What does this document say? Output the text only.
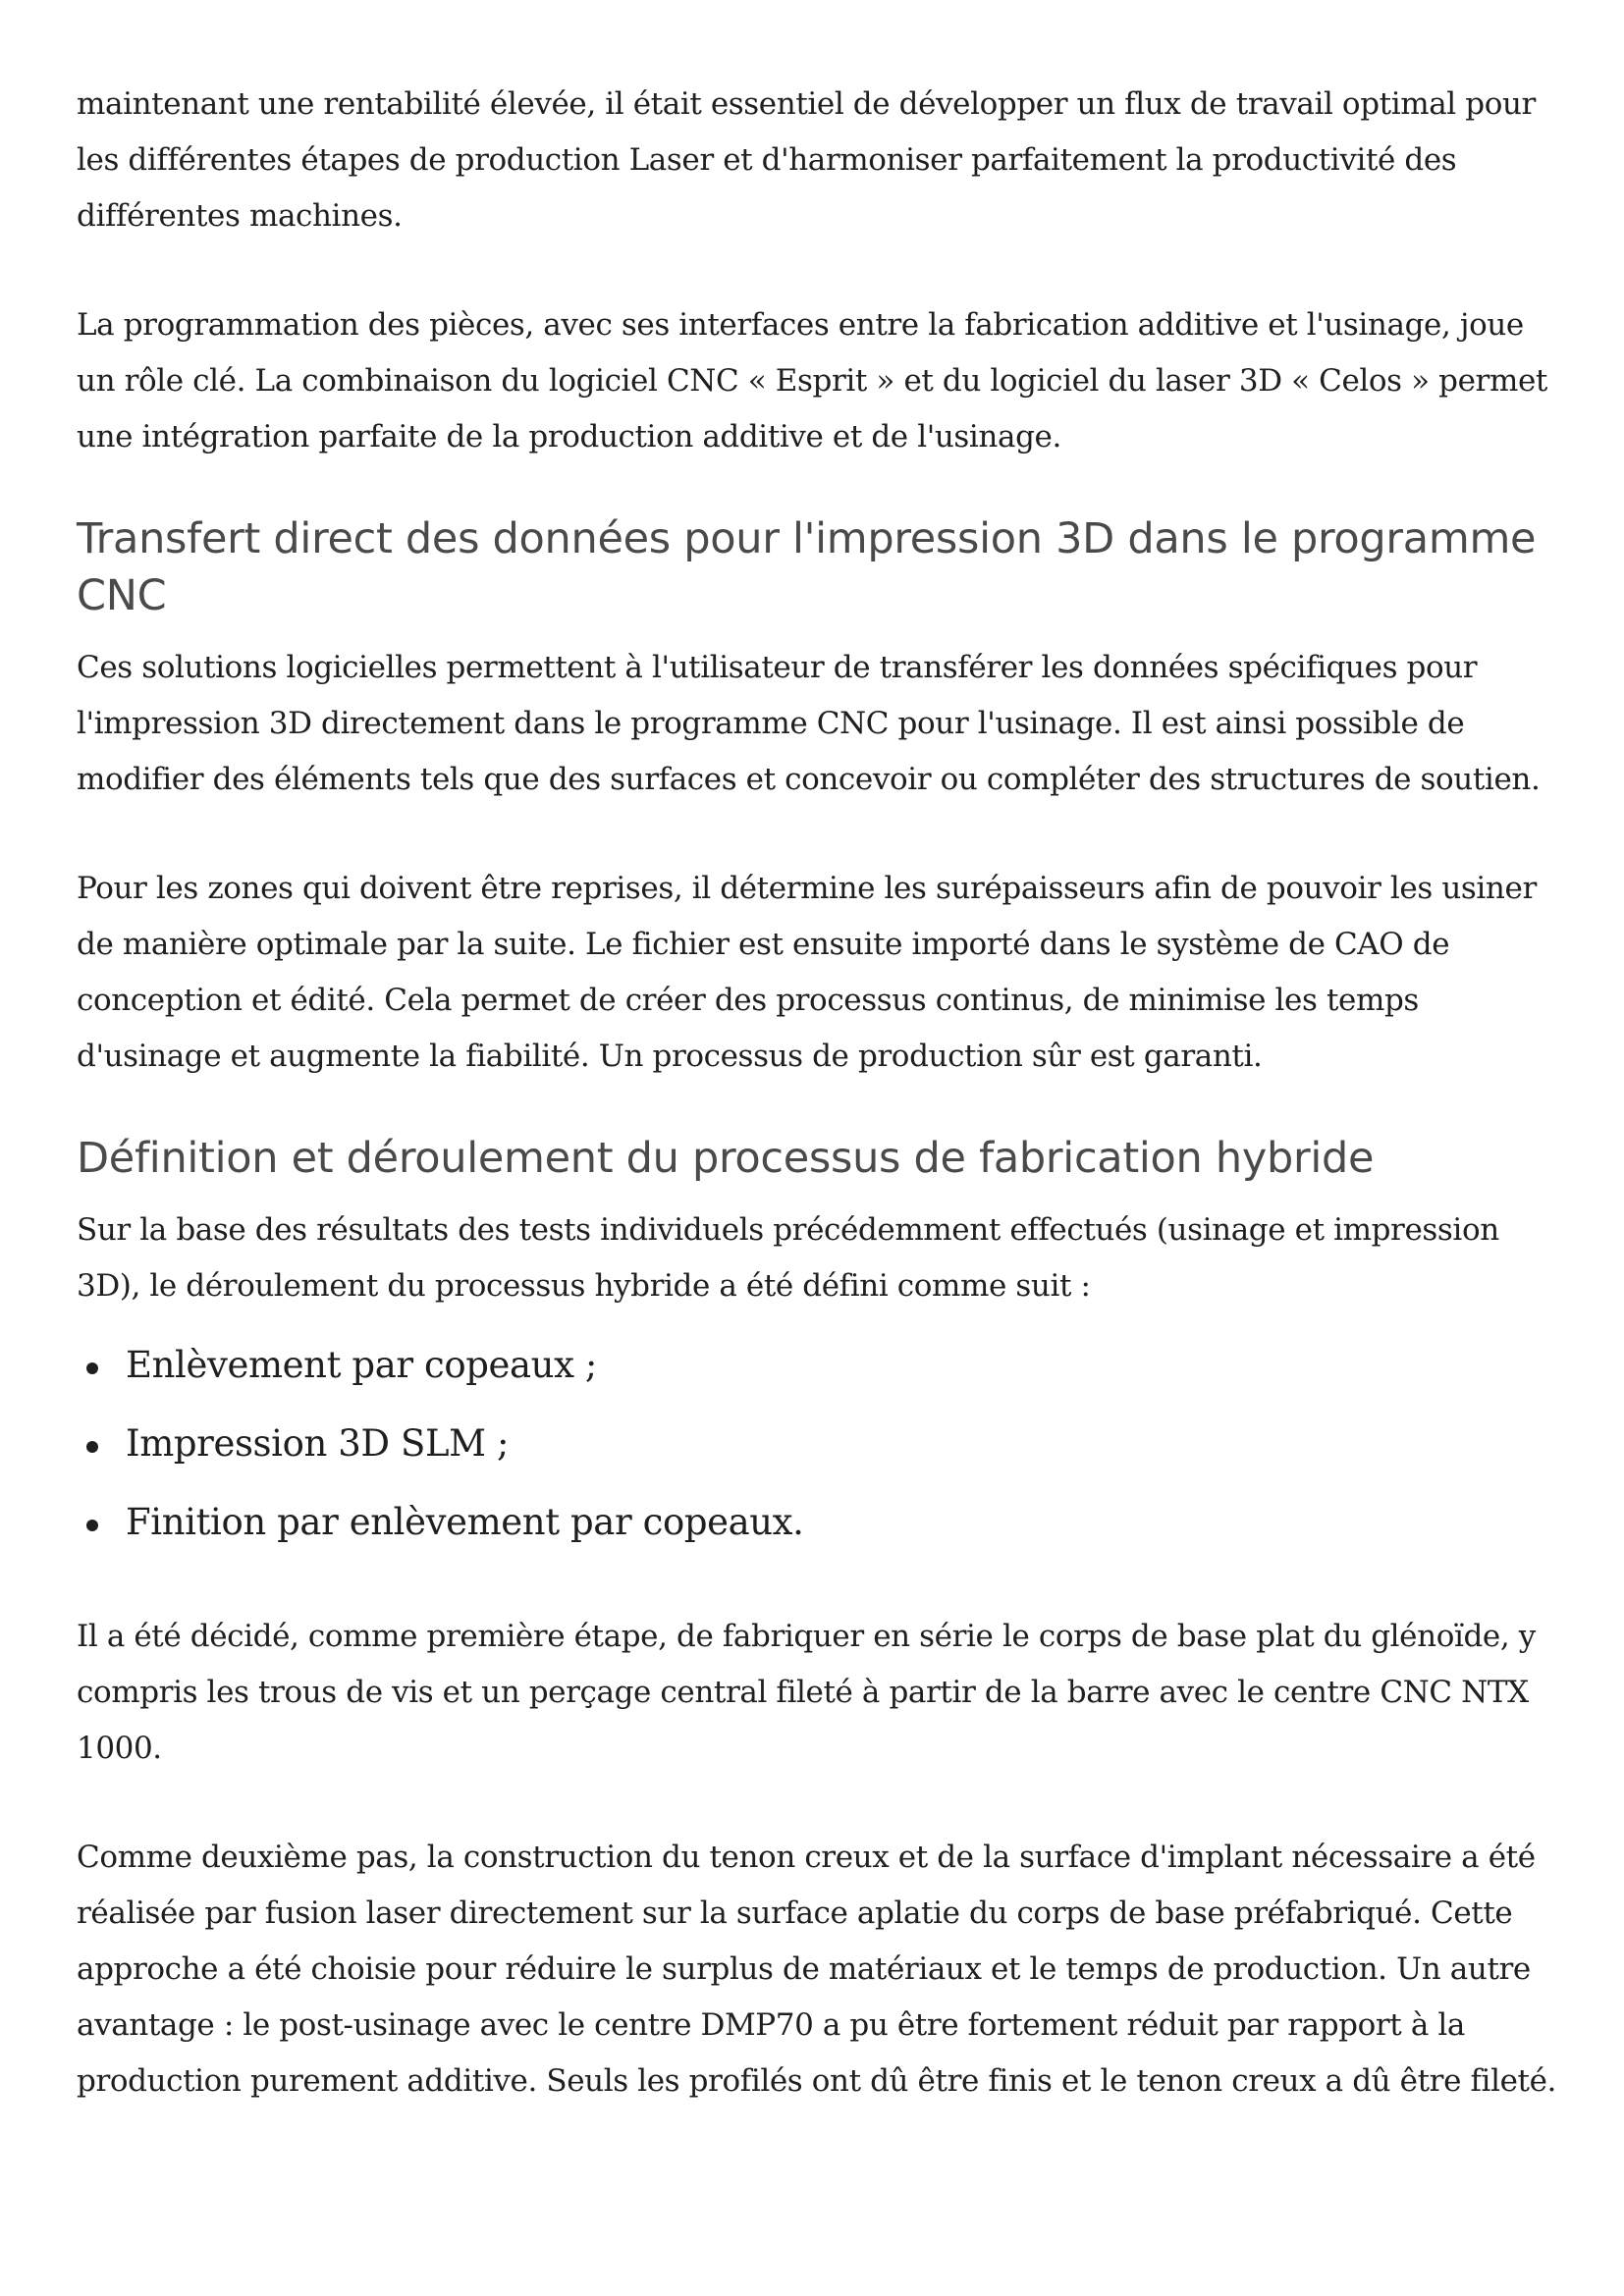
maintenant une rentabilité élevée, il était essentiel de développer un flux de travail optimal pour les différentes étapes de production Laser et d'harmoniser parfaitement la productivité des différentes machines.

La programmation des pièces, avec ses interfaces entre la fabrication additive et l'usinage, joue un rôle clé. La combinaison du logiciel CNC « Esprit » et du logiciel du laser 3D « Celos » permet une intégration parfaite de la production additive et de l'usinage.

Transfert direct des données pour l'impression 3D dans le programme CNC

Ces solutions logicielles permettent à l'utilisateur de transférer les données spécifiques pour l'impression 3D directement dans le programme CNC pour l'usinage. Il est ainsi possible de modifier des éléments tels que des surfaces et concevoir ou compléter des structures de soutien.

Pour les zones qui doivent être reprises, il détermine les surépaisseurs afin de pouvoir les usiner de manière optimale par la suite. Le fichier est ensuite importé dans le système de CAO de conception et édité. Cela permet de créer des processus continus, de minimise les temps d'usinage et augmente la fiabilité. Un processus de production sûr est garanti.

Définition et déroulement du processus de fabrication hybride

Sur la base des résultats des tests individuels précédemment effectués (usinage et impression 3D), le déroulement du processus hybride a été défini comme suit :

Enlèvement par copeaux ;
Impression 3D SLM ;
Finition par enlèvement par copeaux.

Il a été décidé, comme première étape, de fabriquer en série le corps de base plat du glénoïde, y compris les trous de vis et un perçage central fileté à partir de la barre avec le centre CNC NTX 1000.

Comme deuxième pas, la construction du tenon creux et de la surface d'implant nécessaire a été réalisée par fusion laser directement sur la surface aplatie du corps de base préfabriqué. Cette approche a été choisie pour réduire le surplus de matériaux et le temps de production. Un autre avantage : le post-usinage avec le centre DMP70 a pu être fortement réduit par rapport à la production purement additive. Seuls les profilés ont dû être finis et le tenon creux a dû être fileté.
